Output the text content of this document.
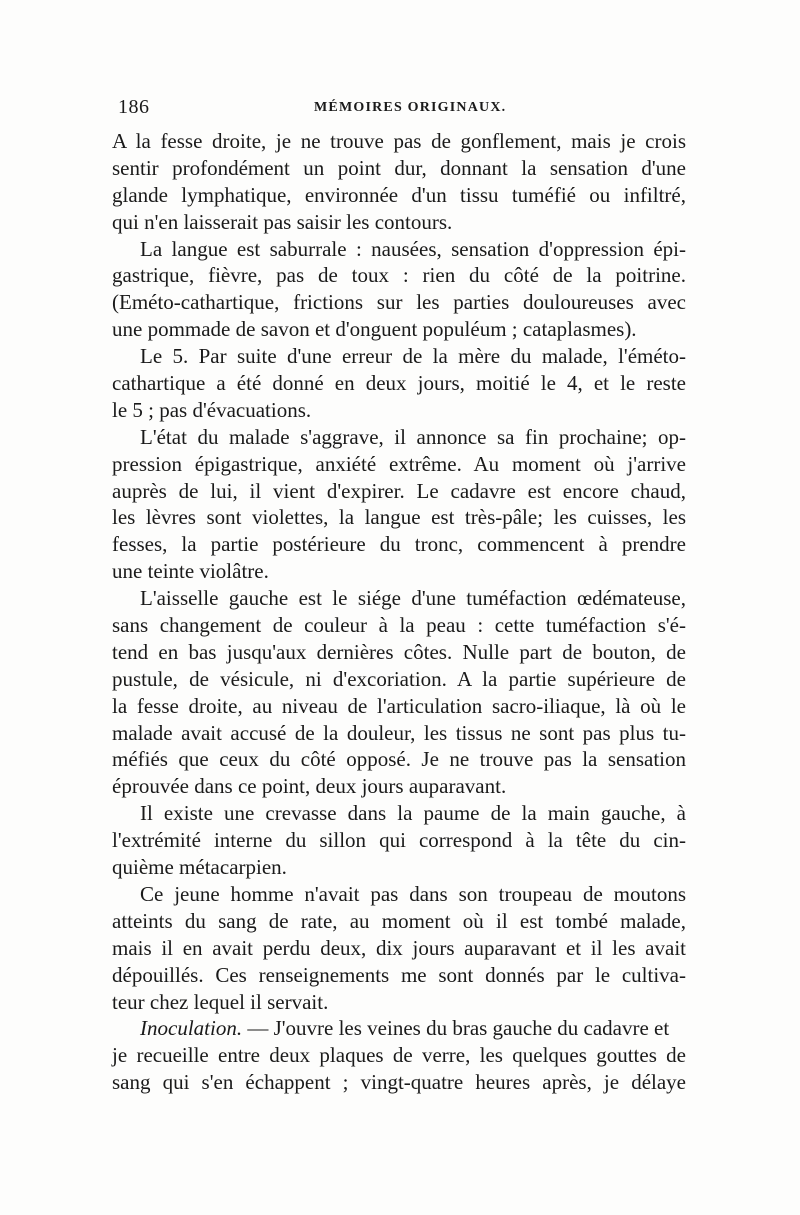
186	MÉMOIRES ORIGINAUX.
A la fesse droite, je ne trouve pas de gonflement, mais je crois
sentir profondément un point dur, donnant la sensation d'une
glande lymphatique, environnée d'un tissu tuméfié ou infiltré,
qui n'en laisserait pas saisir les contours.
La langue est saburrale : nausées, sensation d'oppression épi-
gastrique, fièvre, pas de toux : rien du côté de la poitrine.
(Eméto-cathartique, frictions sur les parties douloureuses avec
une pommade de savon et d'onguent populéum ; cataplasmes).
Le 5. Par suite d'une erreur de la mère du malade, l'éméto-
cathartique a été donné en deux jours, moitié le 4, et le reste
le 5 ; pas d'évacuations.
L'état du malade s'aggrave, il annonce sa fin prochaine; op-
pression épigastrique, anxiété extrême. Au moment où j'arrive
auprès de lui, il vient d'expirer. Le cadavre est encore chaud,
les lèvres sont violettes, la langue est très-pâle; les cuisses, les
fesses, la partie postérieure du tronc, commencent à prendre
une teinte violâtre.
L'aisselle gauche est le siége d'une tuméfaction œdémateuse,
sans changement de couleur à la peau : cette tuméfaction s'é-
tend en bas jusqu'aux dernières côtes. Nulle part de bouton, de
pustule, de vésicule, ni d'excoriation. A la partie supérieure de
la fesse droite, au niveau de l'articulation sacro-iliaque, là où le
malade avait accusé de la douleur, les tissus ne sont pas plus tu-
méfiés que ceux du côté opposé. Je ne trouve pas la sensation
éprouvée dans ce point, deux jours auparavant.
Il existe une crevasse dans la paume de la main gauche, à
l'extrémité interne du sillon qui correspond à la tête du cin-
quième métacarpien.
Ce jeune homme n'avait pas dans son troupeau de moutons
atteints du sang de rate, au moment où il est tombé malade,
mais il en avait perdu deux, dix jours auparavant et il les avait
dépouillés. Ces renseignements me sont donnés par le cultiva-
teur chez lequel il servait.
Inoculation. — J'ouvre les veines du bras gauche du cadavre et
je recueille entre deux plaques de verre, les quelques gouttes de
sang qui s'en échappent ; vingt-quatre heures après, je délaye
